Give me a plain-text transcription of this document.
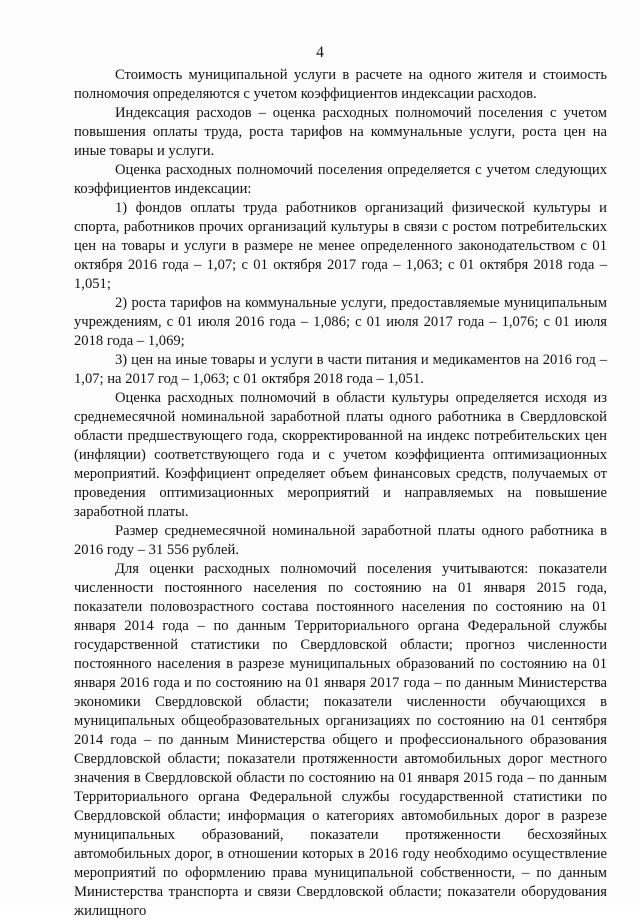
4

Стоимость муниципальной услуги в расчете на одного жителя и стоимость полномочия определяются с учетом коэффициентов индексации расходов.

Индексация расходов – оценка расходных полномочий поселения с учетом повышения оплаты труда, роста тарифов на коммунальные услуги, роста цен на иные товары и услуги.

Оценка расходных полномочий поселения определяется с учетом следующих коэффициентов индексации:

1) фондов оплаты труда работников организаций физической культуры и спорта, работников прочих организаций культуры в связи с ростом потребительских цен на товары и услуги в размере не менее определенного законодательством с 01 октября 2016 года – 1,07; с 01 октября 2017 года – 1,063; с 01 октября 2018 года – 1,051;

2) роста тарифов на коммунальные услуги, предоставляемые муниципальным учреждениям, с 01 июля 2016 года – 1,086; с 01 июля 2017 года – 1,076; с 01 июля 2018 года – 1,069;

3) цен на иные товары и услуги в части питания и медикаментов на 2016 год – 1,07; на 2017 год – 1,063; с 01 октября 2018 года – 1,051.

Оценка расходных полномочий в области культуры определяется исходя из среднемесячной номинальной заработной платы одного работника в Свердловской области предшествующего года, скорректированной на индекс потребительских цен (инфляции) соответствующего года и с учетом коэффициента оптимизационных мероприятий. Коэффициент определяет объем финансовых средств, получаемых от проведения оптимизационных мероприятий и направляемых на повышение заработной платы.

Размер среднемесячной номинальной заработной платы одного работника в 2016 году – 31 556 рублей.

Для оценки расходных полномочий поселения учитываются: показатели численности постоянного населения по состоянию на 01 января 2015 года, показатели половозрастного состава постоянного населения по состоянию на 01 января 2014 года – по данным Территориального органа Федеральной службы государственной статистики по Свердловской области; прогноз численности постоянного населения в разрезе муниципальных образований по состоянию на 01 января 2016 года и по состоянию на 01 января 2017 года – по данным Министерства экономики Свердловской области; показатели численности обучающихся в муниципальных общеобразовательных организациях по состоянию на 01 сентября 2014 года – по данным Министерства общего и профессионального образования Свердловской области; показатели протяженности автомобильных дорог местного значения в Свердловской области по состоянию на 01 января 2015 года – по данным Территориального органа Федеральной службы государственной статистики по Свердловской области; информация о категориях автомобильных дорог в разрезе муниципальных образований, показатели протяженности бесхозяйных автомобильных дорог, в отношении которых в 2016 году необходимо осуществление мероприятий по оформлению права муниципальной собственности, – по данным Министерства транспорта и связи Свердловской области; показатели оборудования жилищного
